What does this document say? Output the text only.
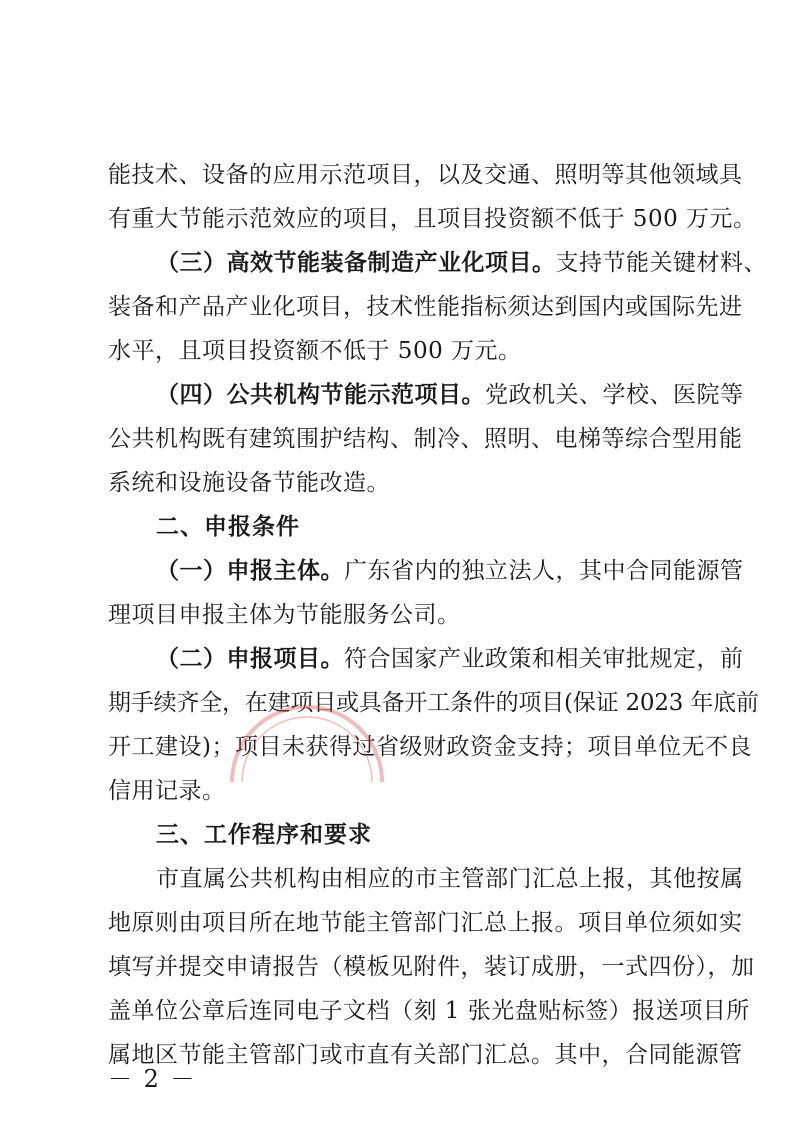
能技术、设备的应用示范项目，以及交通、照明等其他领域具
有重大节能示范效应的项目，且项目投资额不低于 500 万元。
（三）高效节能装备制造产业化项目。支持节能关键材料、
装备和产品产业化项目，技术性能指标须达到国内或国际先进
水平，且项目投资额不低于 500 万元。
（四）公共机构节能示范项目。党政机关、学校、医院等
公共机构既有建筑围护结构、制冷、照明、电梯等综合型用能
系统和设施设备节能改造。
二、申报条件
（一）申报主体。广东省内的独立法人，其中合同能源管
理项目申报主体为节能服务公司。
（二）申报项目。符合国家产业政策和相关审批规定，前
期手续齐全，在建项目或具备开工条件的项目(保证 2023 年底前
开工建设)；项目未获得过省级财政资金支持；项目单位无不良
信用记录。
三、工作程序和要求
市直属公共机构由相应的市主管部门汇总上报，其他按属
地原则由项目所在地节能主管部门汇总上报。项目单位须如实
填写并提交申请报告（模板见附件，装订成册，一式四份），加
盖单位公章后连同电子文档（刻 1 张光盘贴标签）报送项目所
属地区节能主管部门或市直有关部门汇总。其中，合同能源管
－ 2 －
